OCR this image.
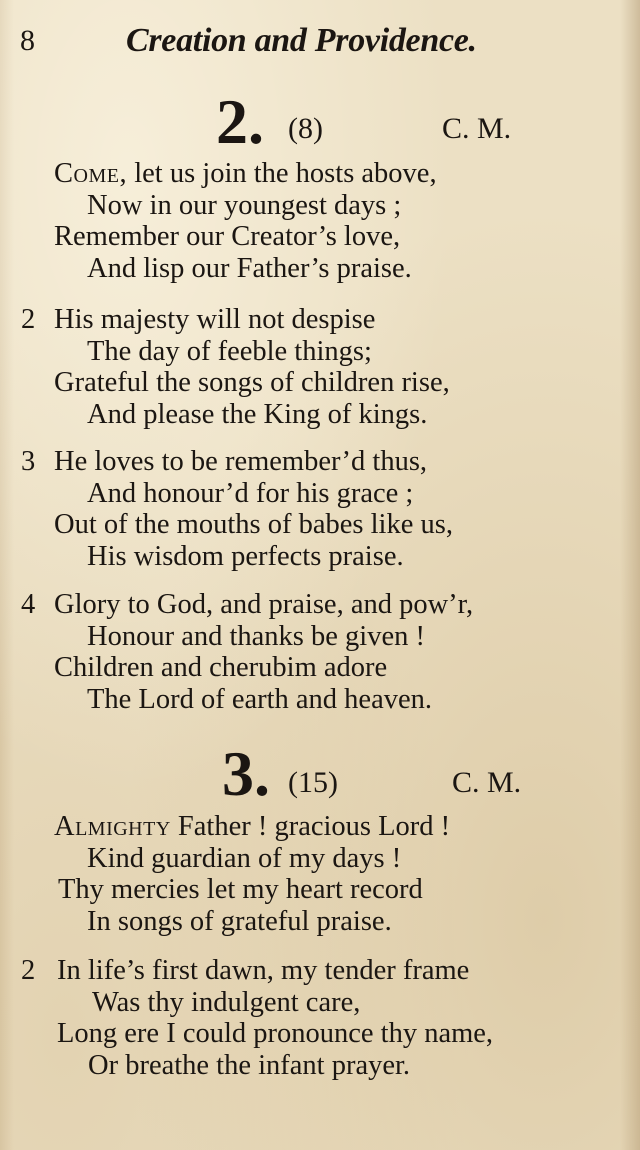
8	Creation and Providence.
2. (8)	C. M.
Come, let us join the hosts above,
Now in our youngest days ;
Remember our Creator’s love,
And lisp our Father’s praise.
2 His majesty will not despise
The day of feeble things;
Grateful the songs of children rise,
And please the King of kings.
3 He loves to be remember’d thus,
And honour’d for his grace ;
Out of the mouths of babes like us,
His wisdom perfects praise.
4 Glory to God, and praise, and pow’r,
Honour and thanks be given !
Children and cherubim adore
The Lord of earth and heaven.
3. (15)	C. M.
Almighty Father ! gracious Lord !
Kind guardian of my days !
Thy mercies let my heart record
In songs of grateful praise.
2 In life’s first dawn, my tender frame
Was thy indulgent care,
Long ere I could pronounce thy name,
Or breathe the infant prayer.
